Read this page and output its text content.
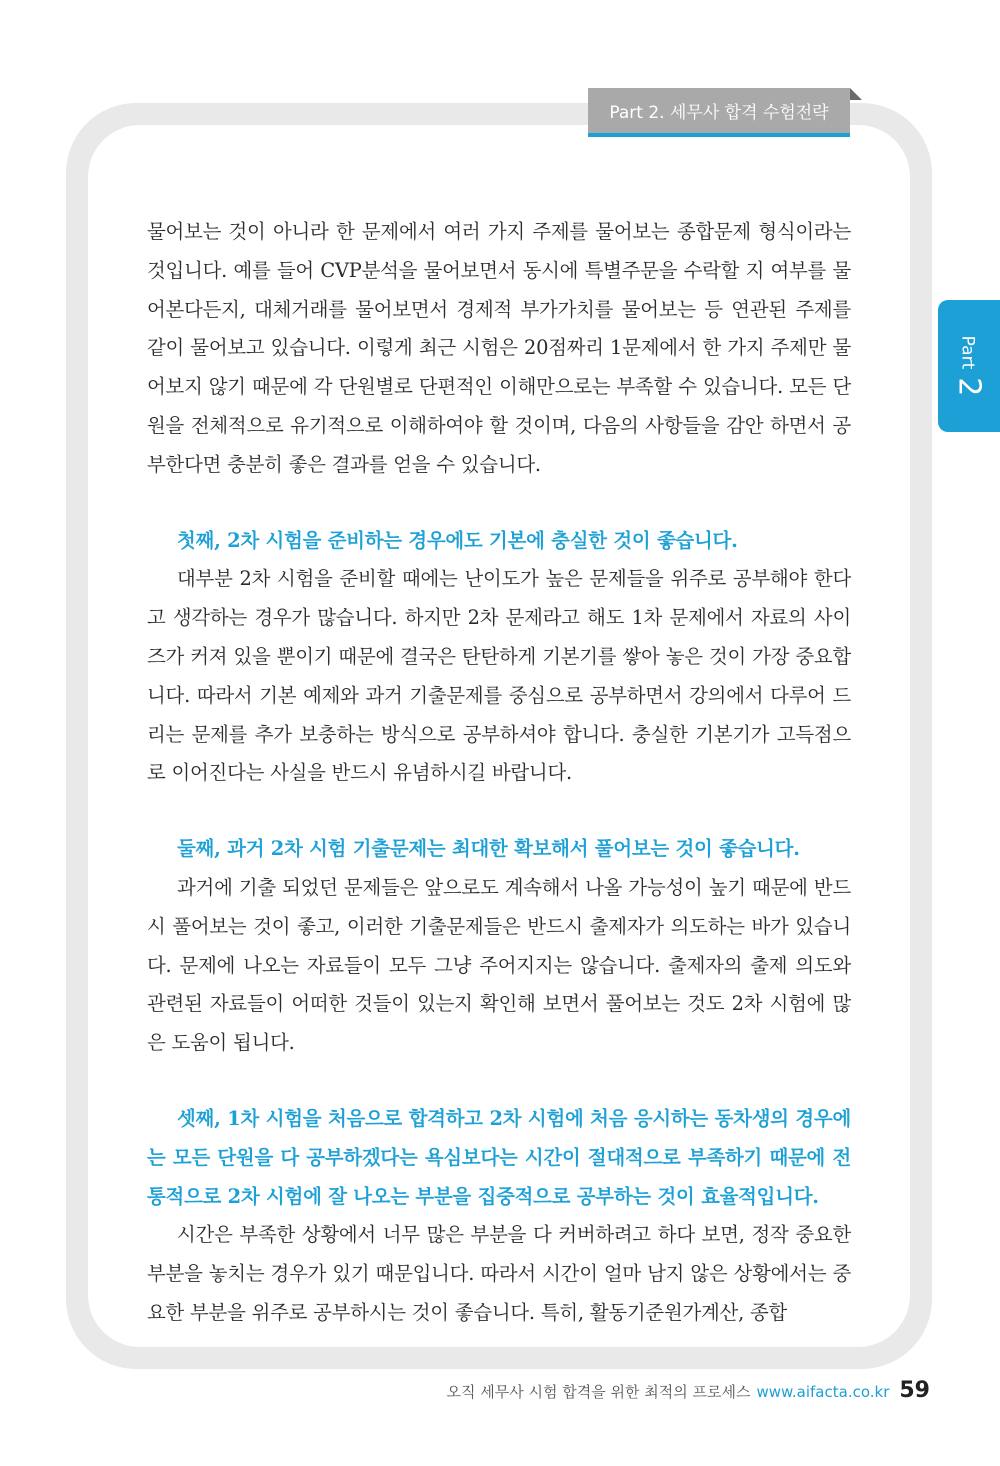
Part 2. 세무사 합격 수험전략
Part2

물어보는 것이 아니라 한 문제에서 여러 가지 주제를 물어보는 종합문제 형식이라는 것입니다. 예를 들어 CVP분석을 물어보면서 동시에 특별주문을 수락할 지 여부를 물어본다든지, 대체거래를 물어보면서 경제적 부가가치를 물어보는 등 연관된 주제를 같이 물어보고 있습니다. 이렇게 최근 시험은 20점짜리 1문제에서 한 가지 주제만 물어보지 않기 때문에 각 단원별로 단편적인 이해만으로는 부족할 수 있습니다. 모든 단원을 전체적으로 유기적으로 이해하여야 할 것이며, 다음의 사항들을 감안 하면서 공부한다면 충분히 좋은 결과를 얻을 수 있습니다.

첫째, 2차 시험을 준비하는 경우에도 기본에 충실한 것이 좋습니다.

대부분 2차 시험을 준비할 때에는 난이도가 높은 문제들을 위주로 공부해야 한다고 생각하는 경우가 많습니다. 하지만 2차 문제라고 해도 1차 문제에서 자료의 사이즈가 커져 있을 뿐이기 때문에 결국은 탄탄하게 기본기를 쌓아 놓은 것이 가장 중요합니다. 따라서 기본 예제와 과거 기출문제를 중심으로 공부하면서 강의에서 다루어 드리는 문제를 추가 보충하는 방식으로 공부하셔야 합니다. 충실한 기본기가 고득점으로 이어진다는 사실을 반드시 유념하시길 바랍니다.

둘째, 과거 2차 시험 기출문제는 최대한 확보해서 풀어보는 것이 좋습니다.

과거에 기출 되었던 문제들은 앞으로도 계속해서 나올 가능성이 높기 때문에 반드시 풀어보는 것이 좋고, 이러한 기출문제들은 반드시 출제자가 의도하는 바가 있습니다. 문제에 나오는 자료들이 모두 그냥 주어지지는 않습니다. 출제자의 출제 의도와 관련된 자료들이 어떠한 것들이 있는지 확인해 보면서 풀어보는 것도 2차 시험에 많은 도움이 됩니다.

셋째, 1차 시험을 처음으로 합격하고 2차 시험에 처음 응시하는 동차생의 경우에는 모든 단원을 다 공부하겠다는 욕심보다는 시간이 절대적으로 부족하기 때문에 전통적으로 2차 시험에 잘 나오는 부분을 집중적으로 공부하는 것이 효율적입니다.

시간은 부족한 상황에서 너무 많은 부분을 다 커버하려고 하다 보면, 정작 중요한 부분을 놓치는 경우가 있기 때문입니다. 따라서 시간이 얼마 남지 않은 상황에서는 중요한 부분을 위주로 공부하시는 것이 좋습니다. 특히, 활동기준원가계산, 종합

오직 세무사 시험 합격을 위한 최적의 프로세스 www.aifacta.co.kr 59
